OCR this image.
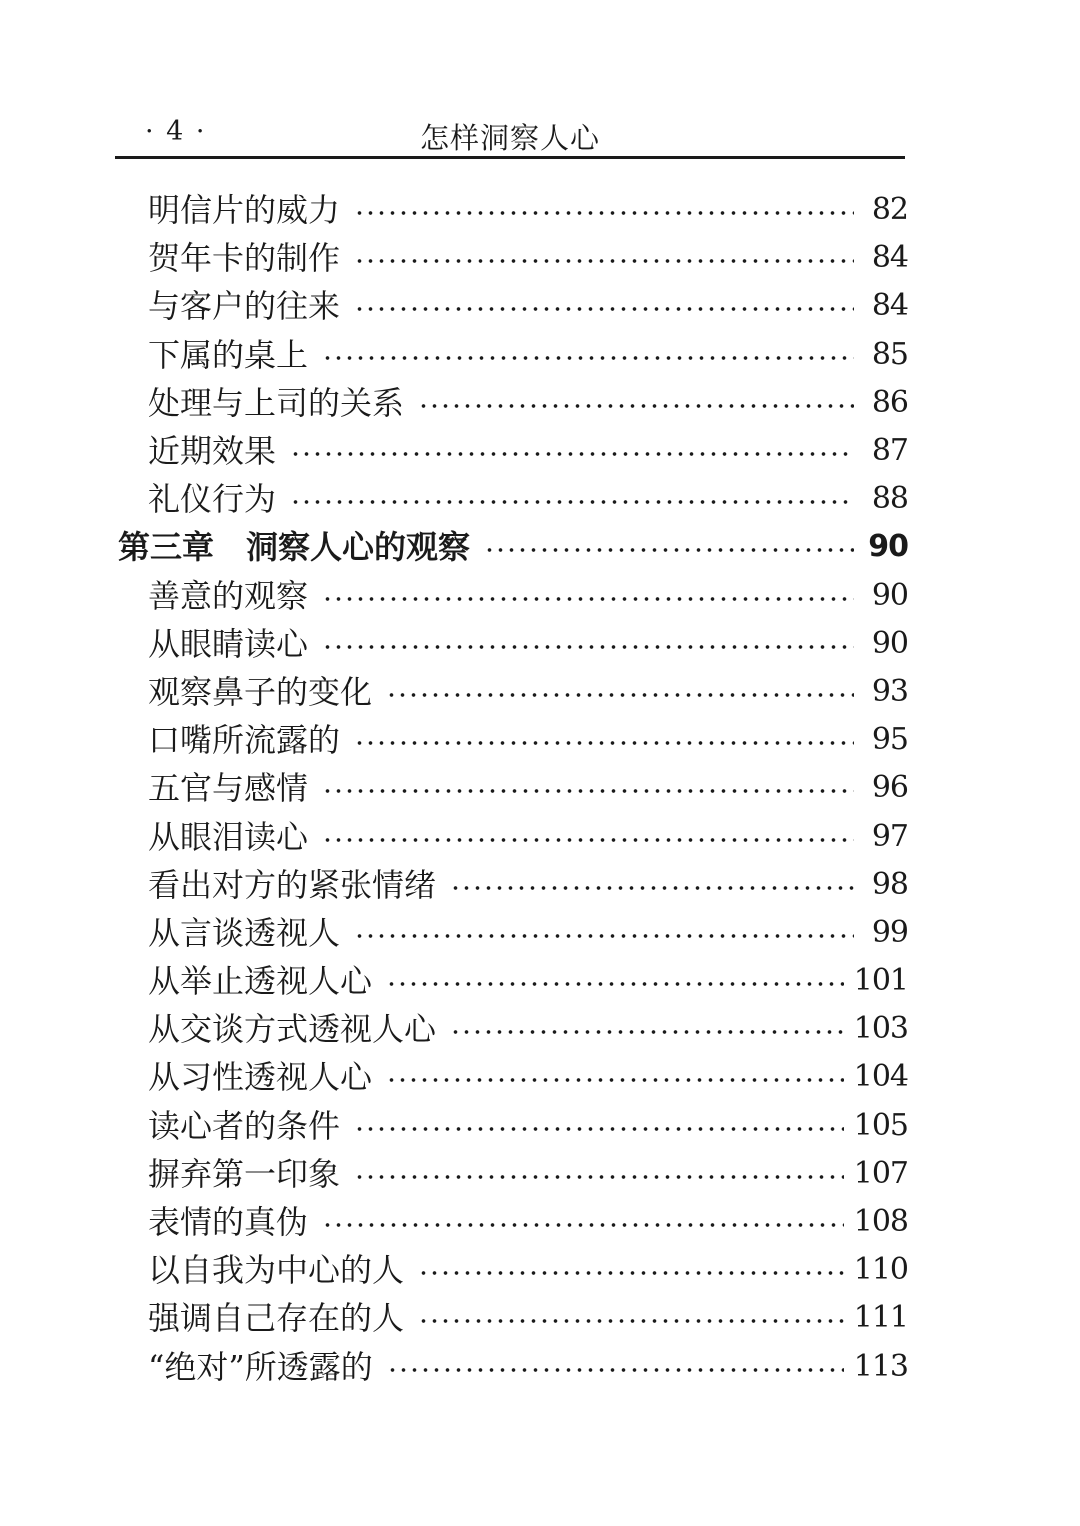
· 4 ·	怎样洞察人心
明信片的威力	82
贺年卡的制作	84
与客户的往来	84
下属的桌上	85
处理与上司的关系	86
近期效果	87
礼仪行为	88
第三章　洞察人心的观察	90
善意的观察	90
从眼睛读心	90
观察鼻子的变化	93
口嘴所流露的	95
五官与感情	96
从眼泪读心	97
看出对方的紧张情绪	98
从言谈透视人	99
从举止透视人心	101
从交谈方式透视人心	103
从习性透视人心	104
读心者的条件	105
摒弃第一印象	107
表情的真伪	108
以自我为中心的人	110
强调自己存在的人	111
“绝对”所透露的	113
